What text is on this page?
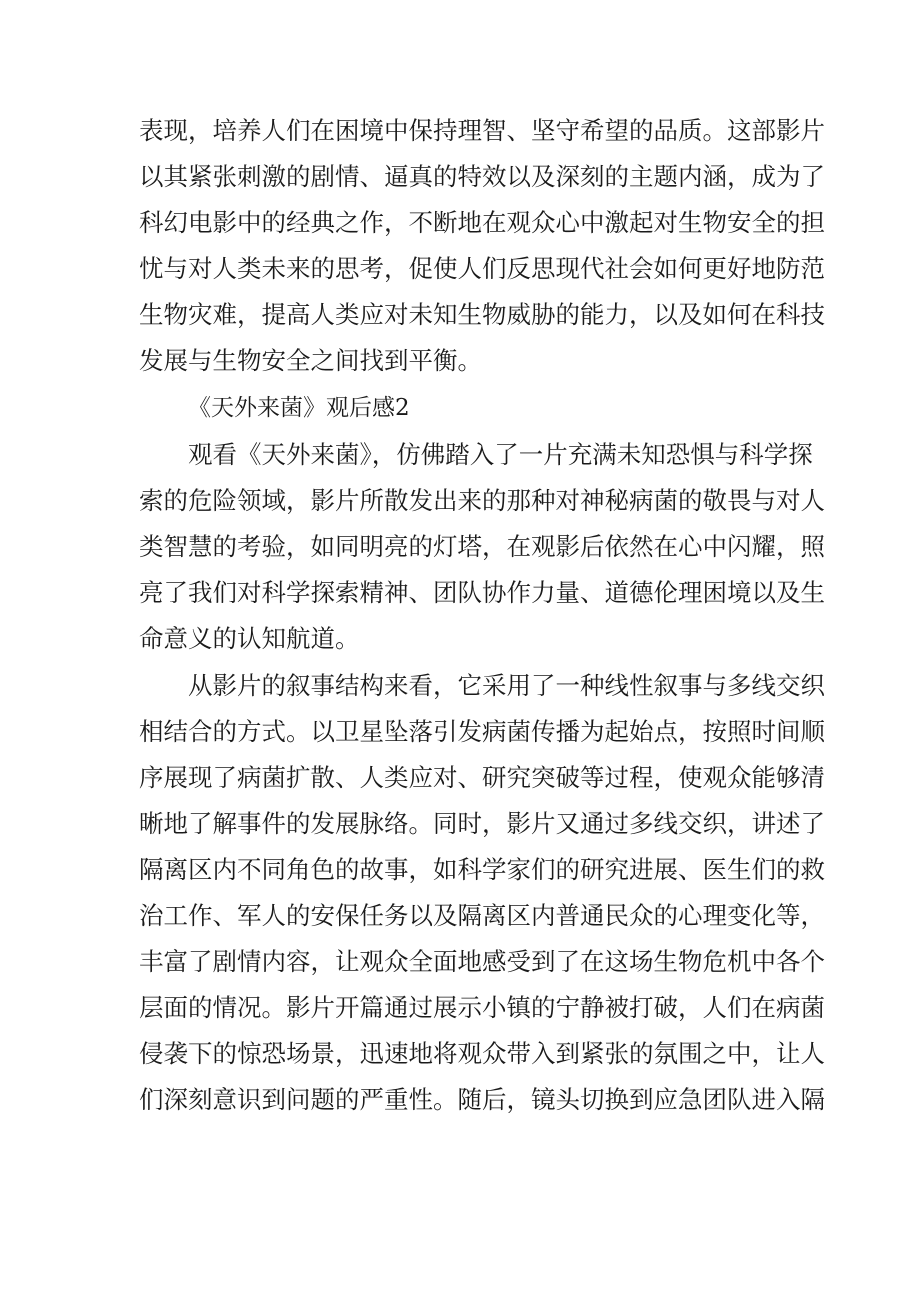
表现，培养人们在困境中保持理智、坚守希望的品质。这部影片
以其紧张刺激的剧情、逼真的特效以及深刻的主题内涵，成为了
科幻电影中的经典之作，不断地在观众心中激起对生物安全的担
忧与对人类未来的思考，促使人们反思现代社会如何更好地防范
生物灾难，提高人类应对未知生物威胁的能力，以及如何在科技
发展与生物安全之间找到平衡。
《天外来菌》观后感2
观看《天外来菌》，仿佛踏入了一片充满未知恐惧与科学探
索的危险领域，影片所散发出来的那种对神秘病菌的敬畏与对人
类智慧的考验，如同明亮的灯塔，在观影后依然在心中闪耀，照
亮了我们对科学探索精神、团队协作力量、道德伦理困境以及生
命意义的认知航道。
从影片的叙事结构来看，它采用了一种线性叙事与多线交织
相结合的方式。以卫星坠落引发病菌传播为起始点，按照时间顺
序展现了病菌扩散、人类应对、研究突破等过程，使观众能够清
晰地了解事件的发展脉络。同时，影片又通过多线交织，讲述了
隔离区内不同角色的故事，如科学家们的研究进展、医生们的救
治工作、军人的安保任务以及隔离区内普通民众的心理变化等，
丰富了剧情内容，让观众全面地感受到了在这场生物危机中各个
层面的情况。影片开篇通过展示小镇的宁静被打破，人们在病菌
侵袭下的惊恐场景，迅速地将观众带入到紧张的氛围之中，让人
们深刻意识到问题的严重性。随后，镜头切换到应急团队进入隔
